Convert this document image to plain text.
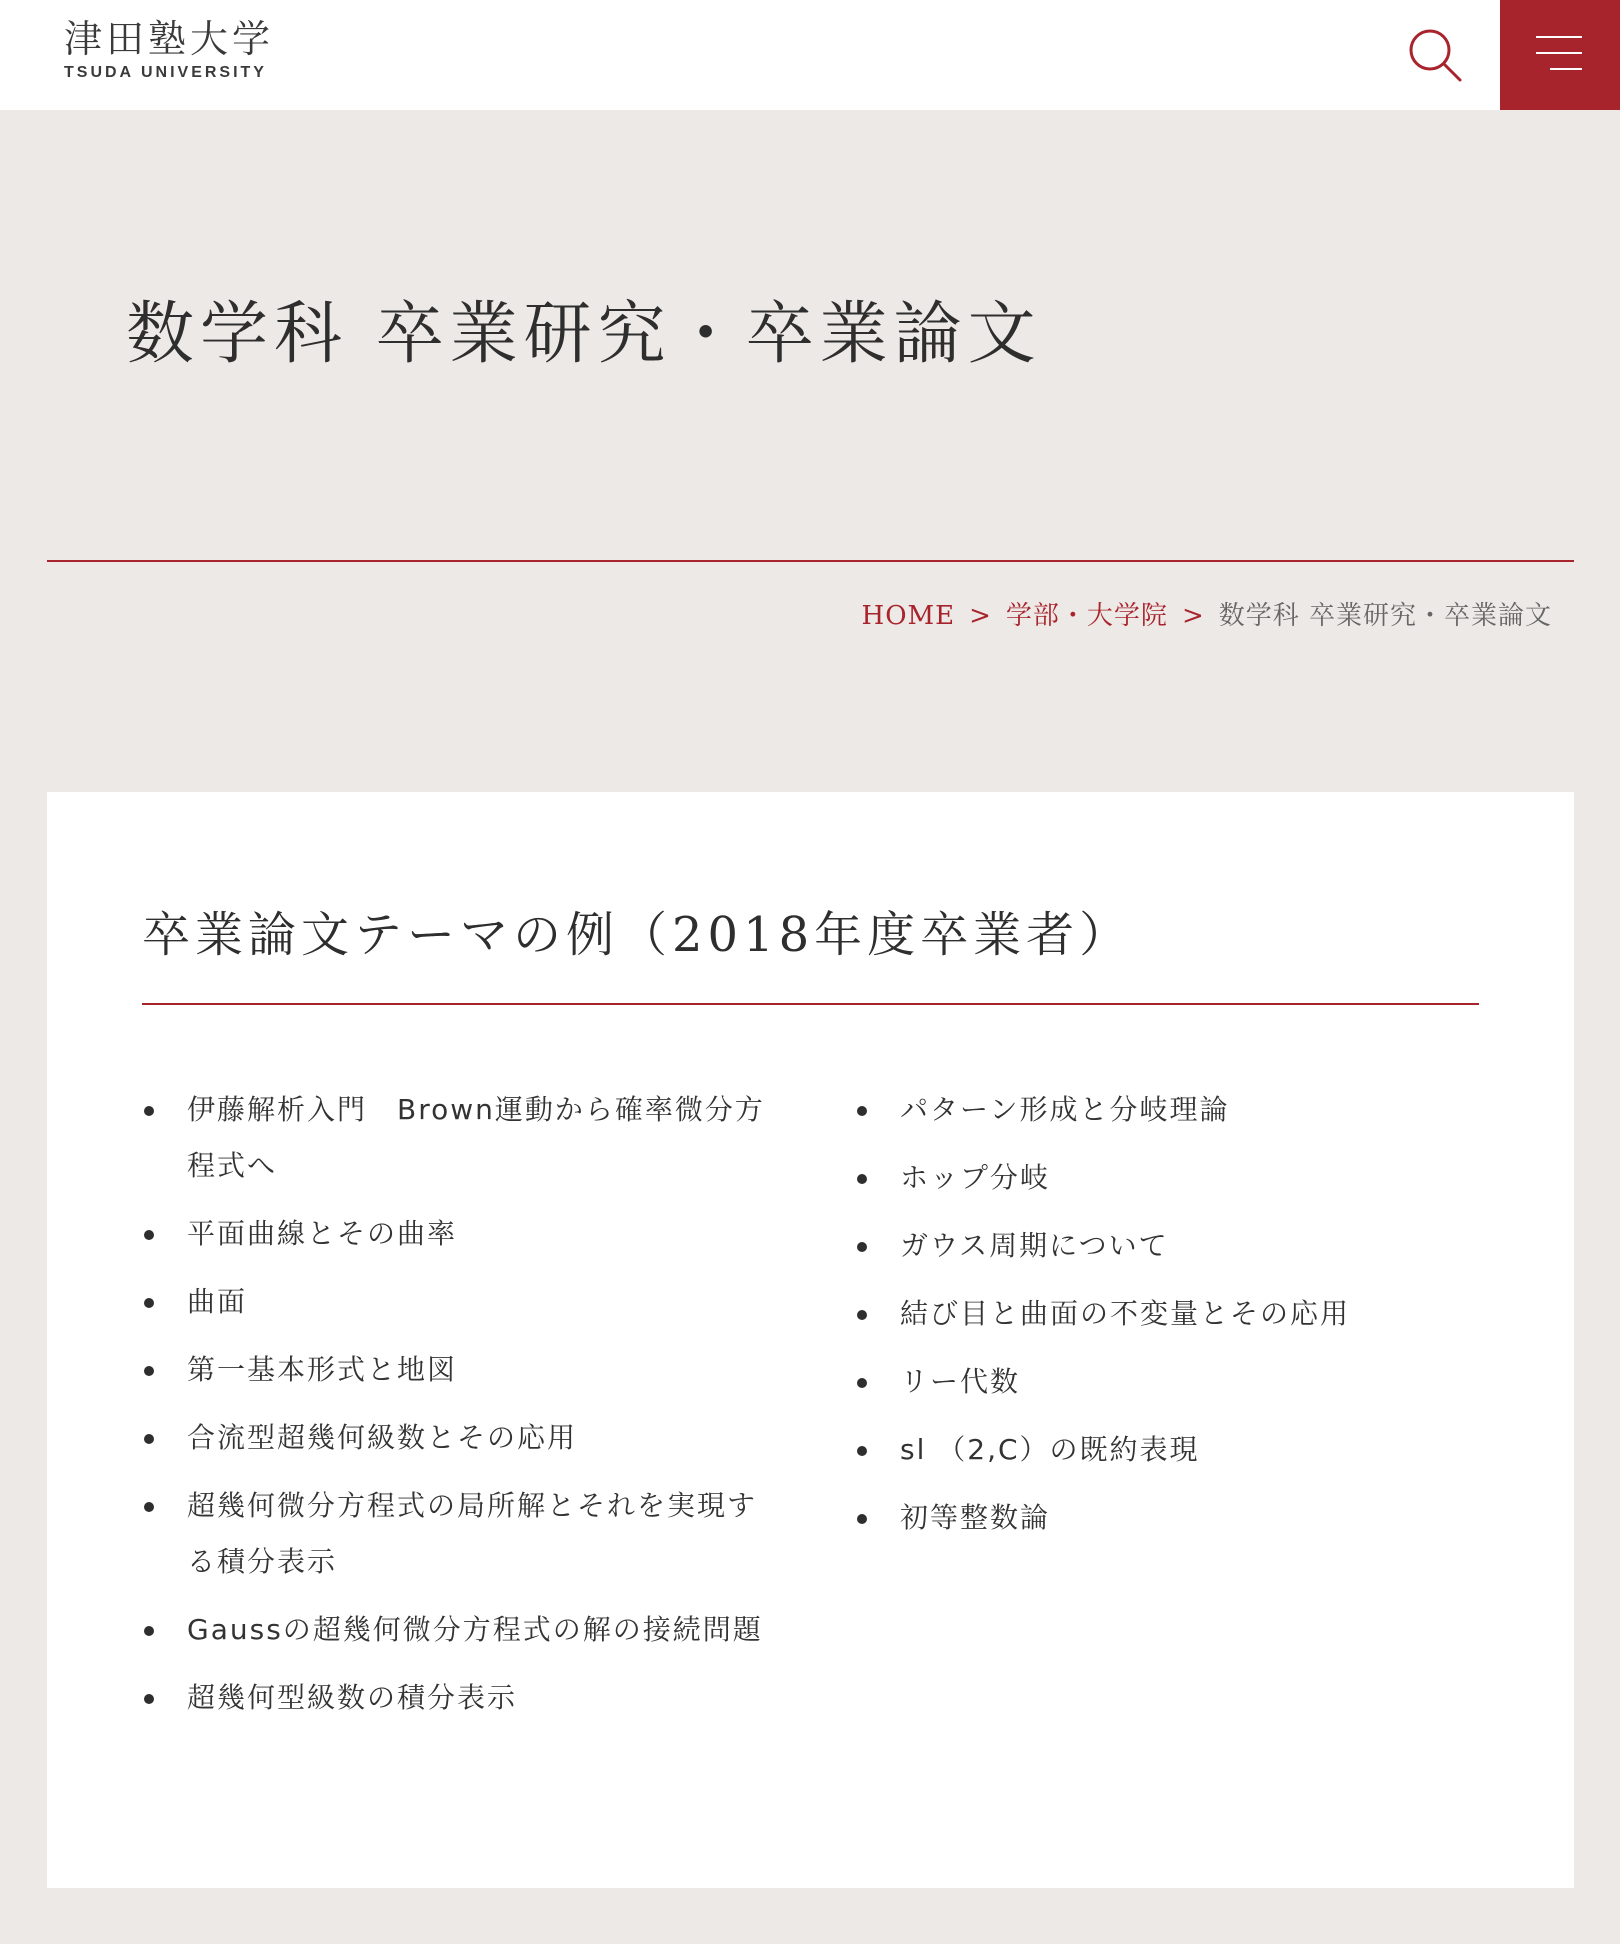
津田塾大学
TSUDA UNIVERSITY
数学科 卒業研究・卒業論文
HOME > 学部・大学院 > 数学科 卒業研究・卒業論文
卒業論文テーマの例（2018年度卒業者）
伊藤解析入門　Brown運動から確率微分方程式へ
平面曲線とその曲率
曲面
第一基本形式と地図
合流型超幾何級数とその応用
超幾何微分方程式の局所解とそれを実現する積分表示
Gaussの超幾何微分方程式の解の接続問題
超幾何型級数の積分表示
パターン形成と分岐理論
ホップ分岐
ガウス周期について
結び目と曲面の不変量とその応用
リー代数
sl （2,C）の既約表現
初等整数論
